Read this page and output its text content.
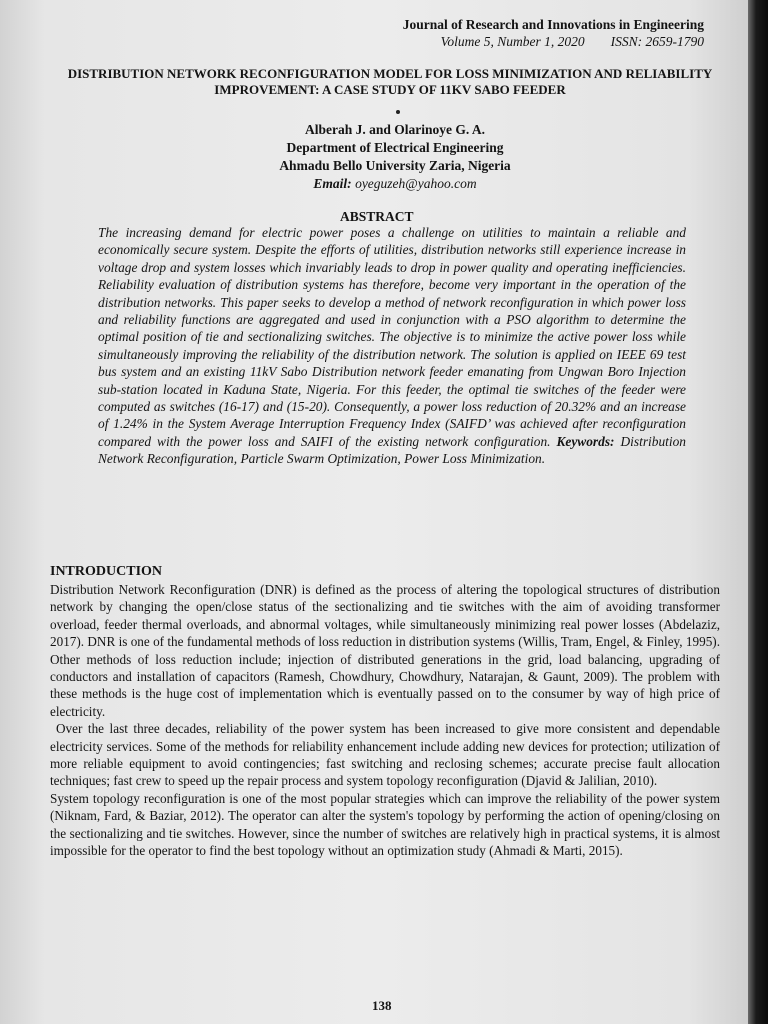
Journal of Research and Innovations in Engineering
Volume 5, Number 1, 2020 ISSN: 2659-1790
DISTRIBUTION NETWORK RECONFIGURATION MODEL FOR LOSS MINIMIZATION AND RELIABILITY IMPROVEMENT: A CASE STUDY OF 11KV SABO FEEDER
Alberah J. and Olarinoye G. A.
Department of Electrical Engineering
Ahmadu Bello University Zaria, Nigeria
Email: oyeguzeh@yahoo.com
ABSTRACT
The increasing demand for electric power poses a challenge on utilities to maintain a reliable and economically secure system. Despite the efforts of utilities, distribution networks still experience increase in voltage drop and system losses which invariably leads to drop in power quality and operating inefficiencies. Reliability evaluation of distribution systems has therefore, become very important in the operation of the distribution networks. This paper seeks to develop a method of network reconfiguration in which power loss and reliability functions are aggregated and used in conjunction with a PSO algorithm to determine the optimal position of tie and sectionalizing switches. The objective is to minimize the active power loss while simultaneously improving the reliability of the distribution network. The solution is applied on IEEE 69 test bus system and an existing 11kV Sabo Distribution network feeder emanating from Ungwan Boro Injection sub-station located in Kaduna State, Nigeria. For this feeder, the optimal tie switches of the feeder were computed as switches (16-17) and (15-20). Consequently, a power loss reduction of 20.32% and an increase of 1.24% in the System Average Interruption Frequency Index (SAIFD’ was achieved after reconfiguration compared with the power loss and SAIFI of the existing network configuration. Keywords: Distribution Network Reconfiguration, Particle Swarm Optimization, Power Loss Minimization.
INTRODUCTION

Distribution Network Reconfiguration (DNR) is defined as the process of altering the topological structures of distribution network by changing the open/close status of the sectionalizing and tie switches with the aim of avoiding transformer overload, feeder thermal overloads, and abnormal voltages, while simultaneously minimizing real power losses (Abdelaziz, 2017). DNR is one of the fundamental methods of loss reduction in distribution systems (Willis, Tram, Engel, & Finley, 1995). Other methods of loss reduction include; injection of distributed generations in the grid, load balancing, upgrading of conductors and installation of capacitors (Ramesh, Chowdhury, Chowdhury, Natarajan, & Gaunt, 2009). The problem with these methods is the huge cost of implementation which is eventually passed on to the consumer by way of high price of electricity.

Over the last three decades, reliability of the power system has been increased to give more consistent and dependable electricity services. Some of the methods for reliability enhancement include adding new devices for protection; utilization of more reliable equipment to avoid contingencies; fast switching and reclosing schemes; accurate precise fault allocation techniques; fast crew to speed up the repair process and system topology reconfiguration (Djavid & Jalilian, 2010).

System topology reconfiguration is one of the most popular strategies which can improve the reliability of the power system (Niknam, Fard, & Baziar, 2012). The operator can alter the system's topology by performing the action of opening/closing on the sectionalizing and tie switches. However, since the number of switches are relatively high in practical systems, it is almost impossible for the operator to find the best topology without an optimization study (Ahmadi & Marti, 2015).

138
